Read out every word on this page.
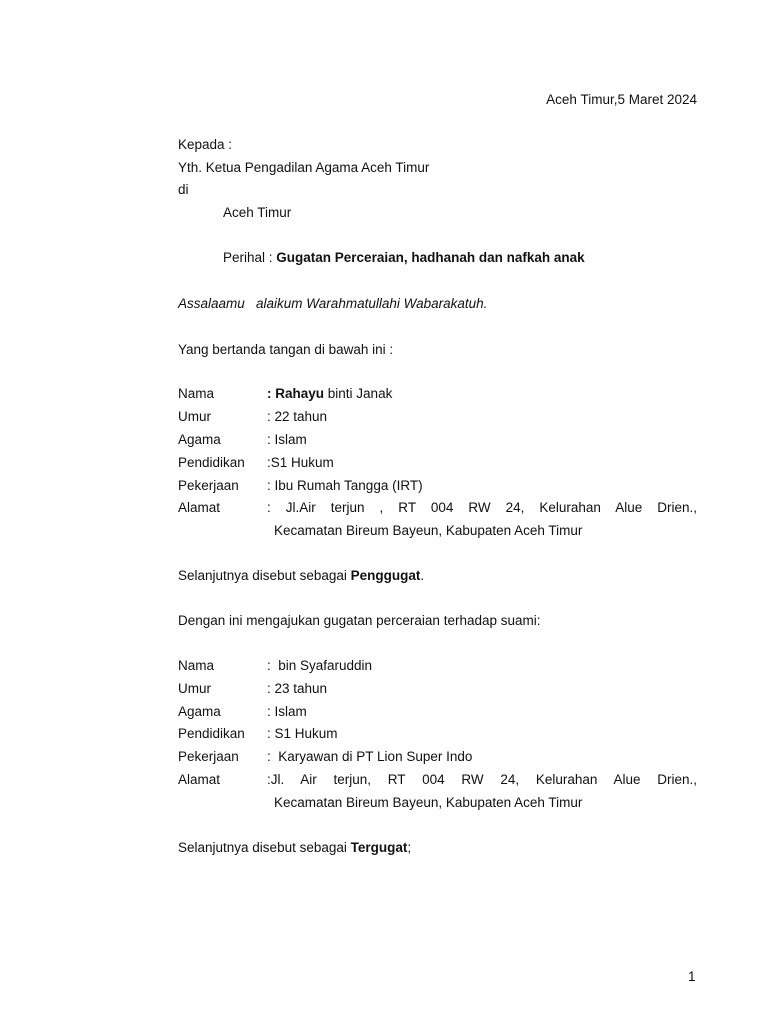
Aceh Timur,5 Maret 2024
Kepada :
Yth. Ketua Pengadilan Agama Aceh Timur
di
Aceh Timur
Perihal : Gugatan Perceraian, hadhanah dan nafkah anak
Assalaamu   alaikum Warahmatullahi Wabarakatuh.
Yang bertanda tangan di bawah ini :
Nama	: Rahayu binti Janak
Umur	: 22 tahun
Agama	: Islam
Pendidikan :S1 Hukum
Pekerjaan : Ibu Rumah Tangga (IRT)
Alamat	:  Jl.Air  terjun  ,  RT  004  RW  24,  Kelurahan  Alue  Drien.,
Kecamatan Bireum Bayeun, Kabupaten Aceh Timur
Selanjutnya disebut sebagai Penggugat.
Dengan ini mengajukan gugatan perceraian terhadap suami:
Nama	:  bin Syafaruddin
Umur	: 23 tahun
Agama	: Islam
Pendidikan : S1 Hukum
Pekerjaan :  Karyawan di PT Lion Super Indo
Alamat	:Jl.  Air  terjun,  RT  004  RW  24,  Kelurahan  Alue  Drien.,
Kecamatan Bireum Bayeun, Kabupaten Aceh Timur
Selanjutnya disebut sebagai Tergugat;
1
